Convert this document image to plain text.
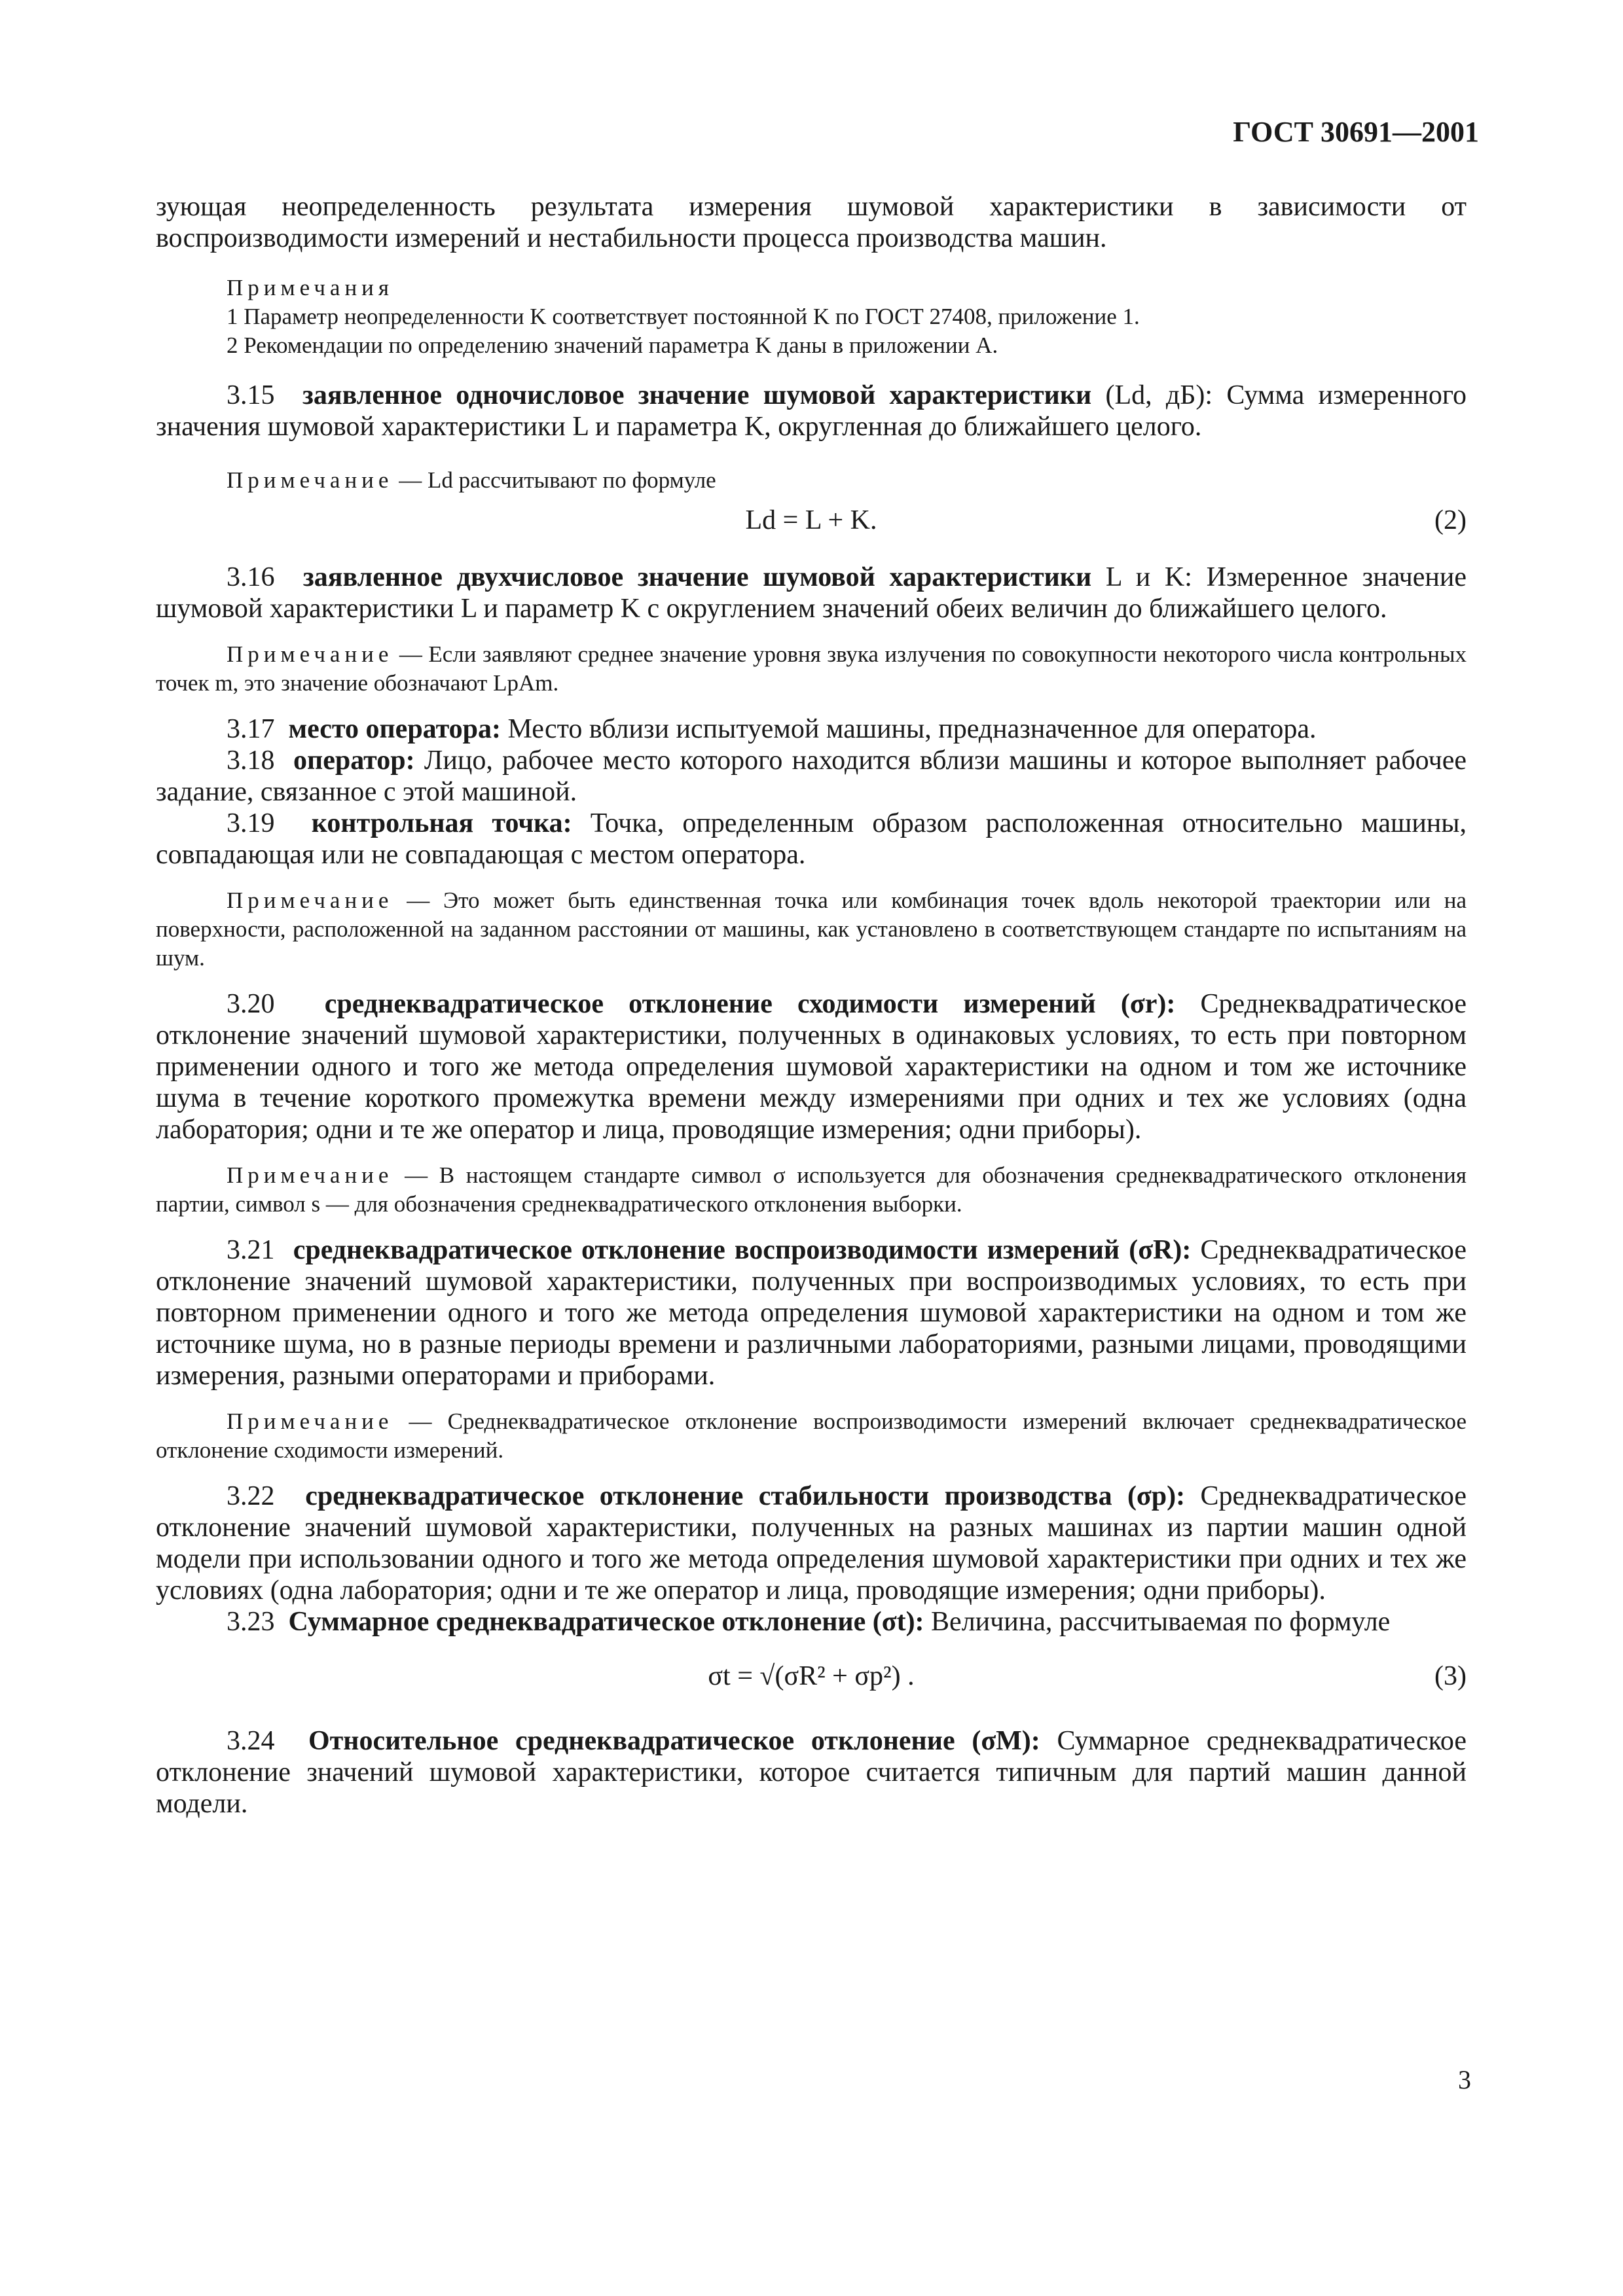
ГОСТ 30691—2001

зующая неопределенность результата измерения шумовой характеристики в зависимости от воспроизводимости измерений и нестабильности процесса производства машин.

Примечания

1 Параметр неопределенности K соответствует постоянной K по ГОСТ 27408, приложение 1.

2 Рекомендации по определению значений параметра K даны в приложении А.

3.15 заявленное одночисловое значение шумовой характеристики (Ld, дБ): Сумма измеренного значения шумовой характеристики L и параметра K, округленная до ближайшего целого.

Примечание — Ld рассчитывают по формуле

Ld = L + K.	(2)

3.16 заявленное двухчисловое значение шумовой характеристики L и K: Измеренное значение шумовой характеристики L и параметр K с округлением значений обеих величин до ближайшего целого.

Примечание — Если заявляют среднее значение уровня звука излучения по совокупности некоторого числа контрольных точек m, это значение обозначают LpAm.

3.17 место оператора: Место вблизи испытуемой машины, предназначенное для оператора.

3.18 оператор: Лицо, рабочее место которого находится вблизи машины и которое выполняет рабочее задание, связанное с этой машиной.

3.19 контрольная точка: Точка, определенным образом расположенная относительно машины, совпадающая или не совпадающая с местом оператора.

Примечание — Это может быть единственная точка или комбинация точек вдоль некоторой траектории или на поверхности, расположенной на заданном расстоянии от машины, как установлено в соответствующем стандарте по испытаниям на шум.

3.20 среднеквадратическое отклонение сходимости измерений (σr): Среднеквадратическое отклонение значений шумовой характеристики, полученных в одинаковых условиях, то есть при повторном применении одного и того же метода определения шумовой характеристики на одном и том же источнике шума в течение короткого промежутка времени между измерениями при одних и тех же условиях (одна лаборатория; одни и те же оператор и лица, проводящие измерения; одни приборы).

Примечание — В настоящем стандарте символ σ используется для обозначения среднеквадратического отклонения партии, символ s — для обозначения среднеквадратического отклонения выборки.

3.21 среднеквадратическое отклонение воспроизводимости измерений (σR): Среднеквадратическое отклонение значений шумовой характеристики, полученных при воспроизводимых условиях, то есть при повторном применении одного и того же метода определения шумовой характеристики на одном и том же источнике шума, но в разные периоды времени и различными лабораториями, разными лицами, проводящими измерения, разными операторами и приборами.

Примечание — Среднеквадратическое отклонение воспроизводимости измерений включает среднеквадратическое отклонение сходимости измерений.

3.22 среднеквадратическое отклонение стабильности производства (σp): Среднеквадратическое отклонение значений шумовой характеристики, полученных на разных машинах из партии машин одной модели при использовании одного и того же метода определения шумовой характеристики при одних и тех же условиях (одна лаборатория; одни и те же оператор и лица, проводящие измерения; одни приборы).

3.23 Суммарное среднеквадратическое отклонение (σt): Величина, рассчитываемая по формуле

σt = √(σR² + σp²) .	(3)

3.24 Относительное среднеквадратическое отклонение (σM): Суммарное среднеквадратическое отклонение значений шумовой характеристики, которое считается типичным для партий машин данной модели.

3
